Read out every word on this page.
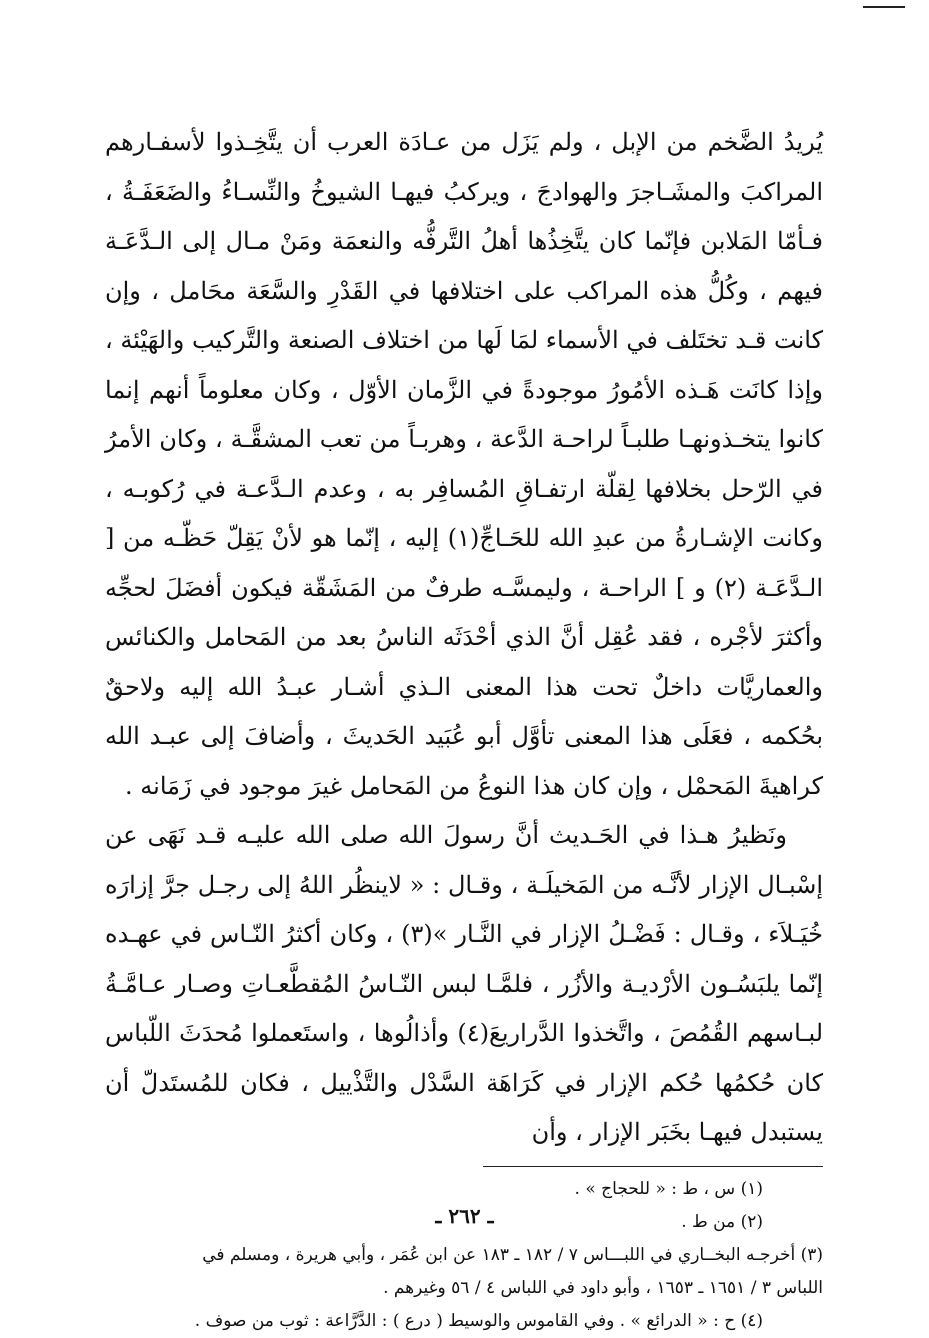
يُريدُ الضَّخم من الإبل ، ولم يَزَل من عـادَة العرب أن يتَّخِـذوا لأسفـارهم المراكبَ والمشَـاجرَ والهوادجَ ، ويركبُ فيهـا الشيوخُ والنِّسـاءُ والضَعَفَـةُ ، فـأمّا المَلابن فإنّما كان يتَّخِذُها أهلُ التَّرفُّه والنعمَة ومَنْ مـال إلى الـدَّعَـة فيهم ، وكُلُّ هذه المراكب على اختلافها في القَدْرِ والسَّعَة محَامل ، وإن كانت قـد تختَلف في الأسماء لمَا لَها من اختلاف الصنعة والتَّركيب والهَيْئة ، وإذا كانَت هَـذه الأمُورُ موجودةً في الزَّمان الأوّل ، وكان معلوماً أنهم إنما كانوا يتخـذونهـا طلبـاً لراحـة الدَّعة ، وهربـاً من تعب المشقَّـة ، وكان الأمرُ في الرّحل بخلافها لِقلّة ارتفـاقِ المُسافِر به ، وعدم الـدَّعـة في رُكوبـه ، وكانت الإشـارةُ من عبدِ الله للحَـاجِّ(١) إليه ، إنّما هو لأنْ يَقِلّ حَظّـه من [ الـدَّعَـة (٢) و ] الراحـة ، وليمسَّـه طرفٌ من المَشَقّة فيكون أفضَلَ لحجِّه وأكثرَ لأجْره ، فقد عُقِل أنَّ الذي أحْدَثَه الناسُ بعد من المَحامل والكنائس والعماريَّات داخلٌ تحت هذا المعنى الـذي أشـار عبـدُ الله إليه ولاحقٌ بحُكمه ، فعَلَى هذا المعنى تأوَّل أبو عُبَيد الحَديثَ ، وأضافَ إلى عبـد الله كراهيةَ المَحمْل ، وإن كان هذا النوعُ من المَحامل غيرَ موجود في زَمَانه .

ونَظيرُ هـذا في الحَـديث أنَّ رسولَ الله صلى الله عليـه قـد نَهَى عن إسْبـال الإزار لأنَّـه من المَخيلَـة ، وقـال : « لاينظُر اللهُ إلى رجـل جرَّ إزارَه خُيَـلاَء ، وقـال : فَضْـلُ الإزار في النَّـار »(٣) ، وكان أكثرُ النّـاس في عهـده إنّما يلبَسُـون الأرْديـة والأزُر ، فلمَّـا لبس النّـاسُ المُقطَّعـاتِ وصـار عـامَّـةُ لبـاسهم القُمُصَ ، واتَّخذوا الدَّراريعَ(٤) وأذالُوها ، واستَعملوا مُحدَثَ اللّباس كان حُكمُها حُكم الإزار في كَرَاهَة السَّدْل والتَّذْييل ، فكان للمُستَدلّ أن يستبدل فيهـا بخَبَر الإزار ، وأن

(١) س ، ط : « للحجاج » .

(٢) من ط .

(٣) أخرجـه البخــاري في اللبـــاس ٧ / ١٨٢ ـ ١٨٣ عن ابن عُمَر ، وأبي هريرة ، ومسلم في

اللباس ٣ / ١٦٥١ ـ ١٦٥٣ ، وأبو داود في اللباس ٤ / ٥٦ وغيرهم .

(٤) ح : « الدرائع » . وفي القاموس والوسيط ( درع ) : الدَّرَّاعة : ثوب من صوف .

ـ ٢٦٢ ـ
